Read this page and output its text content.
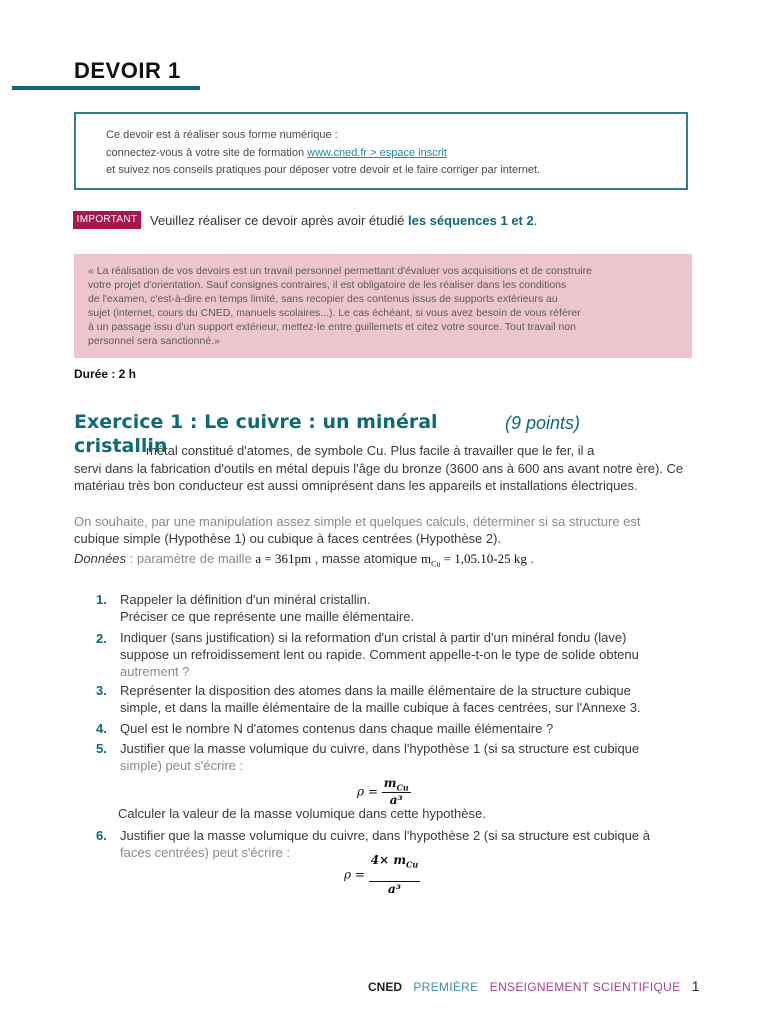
DEVOIR 1
Ce devoir est à réaliser sous forme numérique :
connectez-vous à votre site de formation www.cned.fr > espace inscrit
et suivez nos conseils pratiques pour déposer votre devoir et le faire corriger par internet.
IMPORTANT Veuillez réaliser ce devoir après avoir étudié les séquences 1 et 2.
« La réalisation de vos devoirs est un travail personnel permettant d'évaluer vos acquisitions et de construire
votre projet d'orientation. Sauf consignes contraires, il est obligatoire de les réaliser dans les conditions
de l'examen, c'est-à-dire en temps limité, sans recopier des contenus issus de supports extérieurs au
sujet (internet, cours du CNED, manuels scolaires...). Le cas échéant, si vous avez besoin de vous référer
à un passage issu d'un support extérieur, mettez-le entre guillemets et citez votre source. Tout travail non
personnel sera sanctionné.»
Durée : 2 h
métal constitué d'atomes, de symbole Cu. Plus facile à travailler que le fer, il a
Exercice 1 : Le cuivre : un minéral cristallin
(9 points)
servi dans la fabrication d'outils en métal depuis l'âge du bronze (3600 ans à 600 ans avant notre ère). Ce matériau très bon conducteur est aussi omniprésent dans les appareils et installations électriques.
On souhaite, par une manipulation assez simple et quelques calculs, déterminer si sa structure est
cubique simple (Hypothèse 1) ou cubique à faces centrées (Hypothèse 2).
Données : paramètre de maille a = 361pm , masse atomique $m_{Cu} = 1,05.10-25$ kg .
1. Rappeler la définition d'un minéral cristallin.
Préciser ce que représente une maille élémentaire.
2. Indiquer (sans justification) si la reformation d'un cristal à partir d'un minéral fondu (lave)
suppose un refroidissement lent ou rapide. Comment appelle-t-on le type de solide obtenu
autrement ?
3. Représenter la disposition des atomes dans la maille élémentaire de la structure cubique
simple, et dans la maille élémentaire de la maille cubique à faces centrées, sur l'Annexe 3.
4. Quel est le nombre N d'atomes contenus dans chaque maille élémentaire ?
5. Justifier que la masse volumique du cuivre, dans l'hypothèse 1 (si sa structure est cubique
simple) peut s'écrire :
$\rho = \frac{m_{Cu}}{\text{a³}}$
Calculer la valeur de la masse volumique dans cette hypothèse.
6. Justifier que la masse volumique du cuivre, dans l'hypothèse 2 (si sa structure est cubique à
faces centrées) peut s'écrire :
$\rho = \frac{4\times m_{Cu}}{\text{a³}}$
CNED PREMIÈRE ENSEIGNEMENT SCIENTIFIQUE 1
